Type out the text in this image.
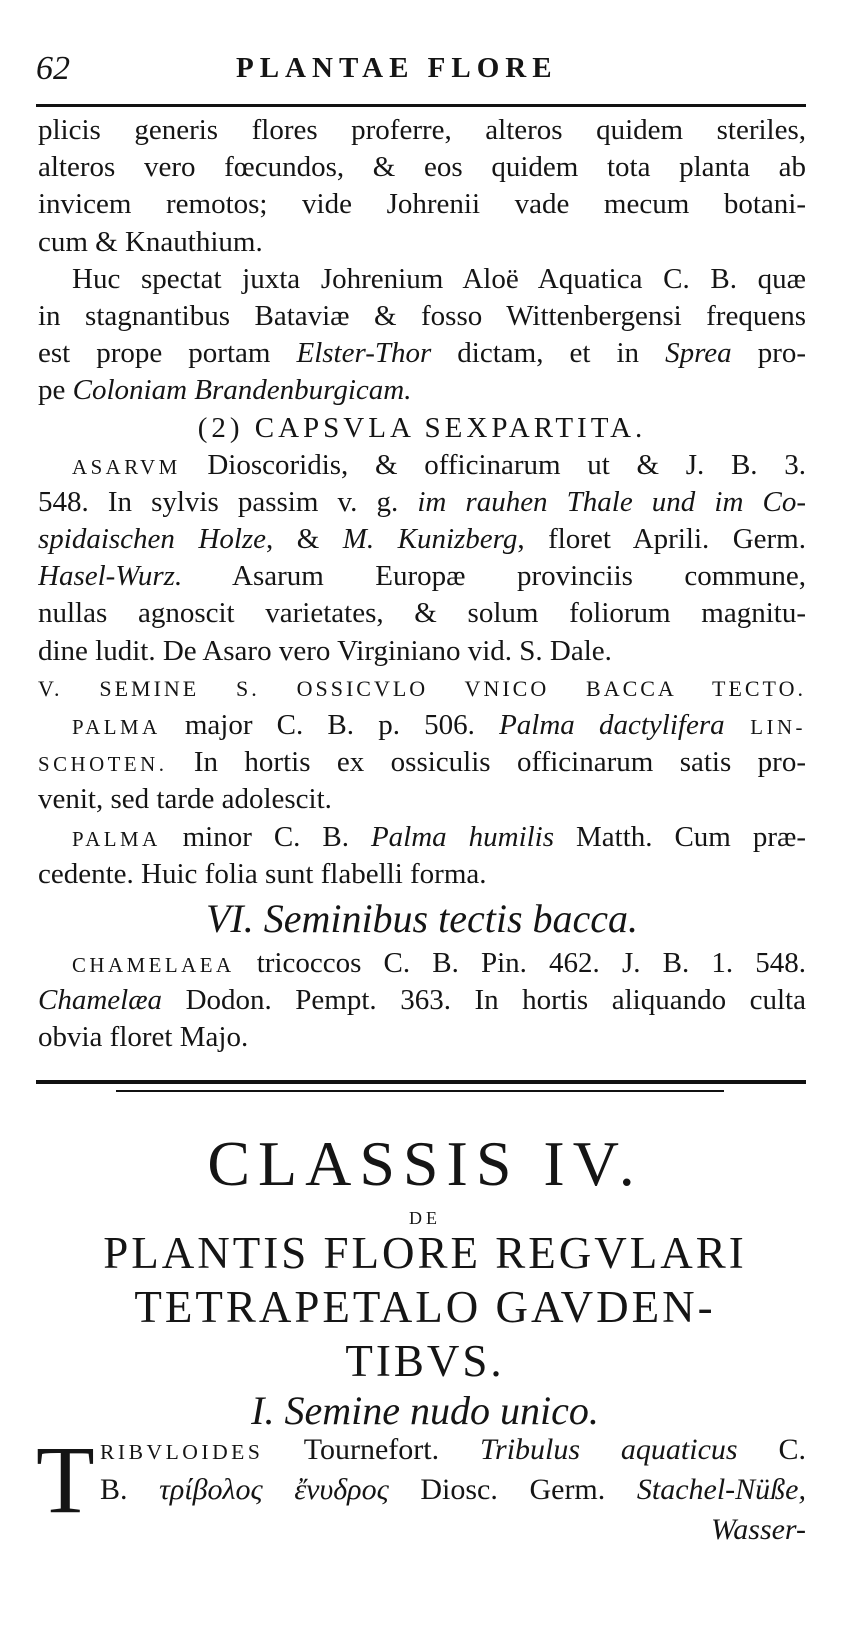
62	PLANTAE FLORE
plicis generis flores proferre, alteros quidem steriles,
alteros vero fœcundos, & eos quidem tota planta ab
invicem remotos; vide Johrenii vade mecum botani-
cum & Knauthium.
Huc spectat juxta Johrenium Aloë Aquatica C. B. quæ
in stagnantibus Bataviæ & fosso Wittenbergensi frequens
est prope portam Elster-Thor dictam, et in Sprea pro-
pe Coloniam Brandenburgicam.
(2) CAPSVLA SEXPARTITA.
ASARVM Dioscoridis, & officinarum ut & J. B. 3.
548. In sylvis passim v. g. im rauhen Thale und im Co-
spidaischen Holze, & M. Kunizberg, floret Aprili. Germ.
Hasel-Wurz. Asarum Europæ provinciis commune,
nullas agnoscit varietates, & solum foliorum magnitu-
dine ludit. De Asaro vero Virginiano vid. S. Dale.
V. SEMINE S. OSSICVLO VNICO BACCA TECTO.
PALMA major C. B. p. 506. Palma dactylifera LIN-
SCHOTEN. In hortis ex ossiculis officinarum satis pro-
venit, sed tarde adolescit.
PALMA minor C. B. Palma humilis Matth. Cum præ-
cedente. Huic folia sunt flabelli forma.
VI. Seminibus tectis bacca.
CHAMELAEA tricoccos C. B. Pin. 462. J. B. 1. 548.
Chamelæa Dodon. Pempt. 363. In hortis aliquando culta
obvia floret Majo.
CLASSIS IV.
DE
PLANTIS FLORE REGVLARI
TETRAPETALO GAVDEN-
TIBVS.
I. Semine nudo unico.
T RIBVLOIDES Tournefort. Tribulus aquaticus C.
B. τρίβολος ἔνυδρος Diosc. Germ. Stachel-Nüße,
Wasser-
